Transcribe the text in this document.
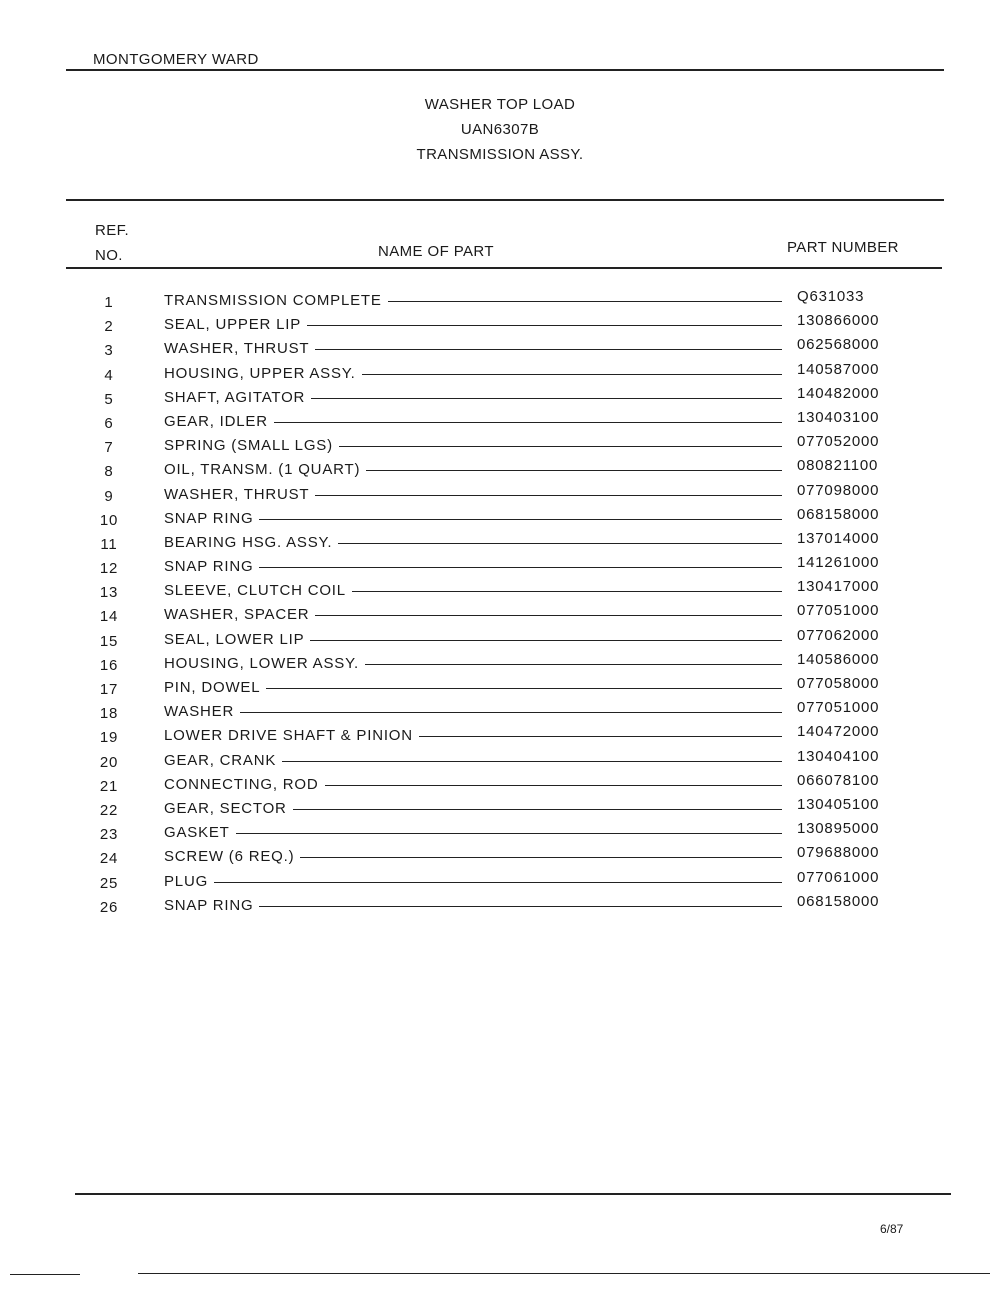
MONTGOMERY WARD
WASHER TOP LOAD
UAN6307B
TRANSMISSION ASSY.
REF.
NO.	NAME OF PART	PART NUMBER
1	TRANSMISSION COMPLETE	Q631033
2	SEAL, UPPER LIP	130866000
3	WASHER, THRUST	062568000
4	HOUSING, UPPER ASSY.	140587000
5	SHAFT, AGITATOR	140482000
6	GEAR, IDLER	130403100
7	SPRING (SMALL LGS)	077052000
8	OIL, TRANSM. (1 QUART)	080821100
9	WASHER, THRUST	077098000
10	SNAP RING	068158000
11	BEARING HSG. ASSY.	137014000
12	SNAP RING	141261000
13	SLEEVE, CLUTCH COIL	130417000
14	WASHER, SPACER	077051000
15	SEAL, LOWER LIP	077062000
16	HOUSING, LOWER ASSY.	140586000
17	PIN, DOWEL	077058000
18	WASHER	077051000
19	LOWER DRIVE SHAFT & PINION	140472000
20	GEAR, CRANK	130404100
21	CONNECTING, ROD	066078100
22	GEAR, SECTOR	130405100
23	GASKET	130895000
24	SCREW (6 REQ.)	079688000
25	PLUG	077061000
26	SNAP RING	068158000
6/87
